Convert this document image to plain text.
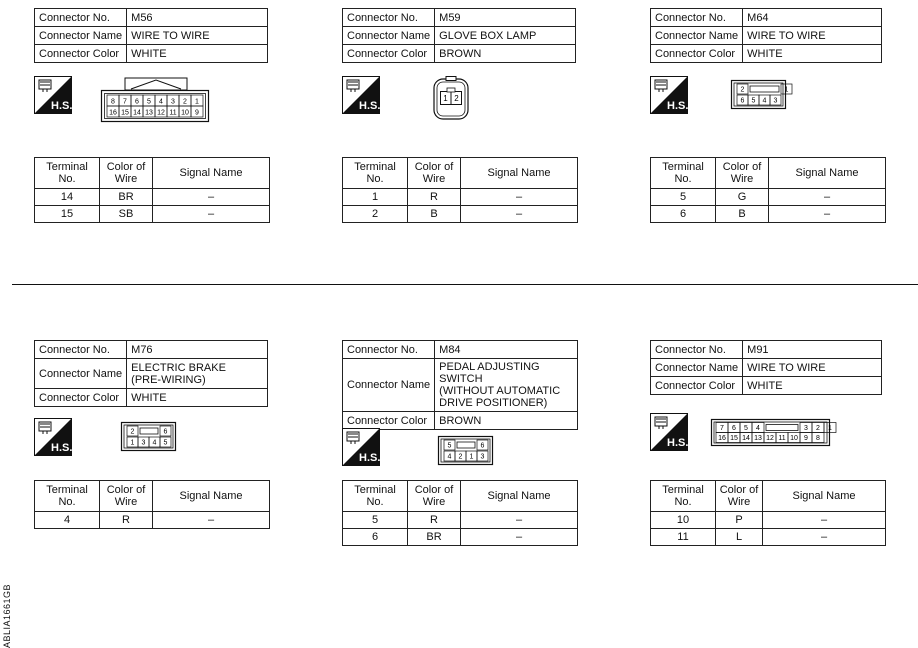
Connector No.	M56
Connector Name	WIRE TO WIRE
Connector Color	WHITE
H.S.	8 7 6 5 4 3 2 1
16 15 14 13 12 11 10 9
Terminal No.	Color of Wire	Signal Name
14	BR	–
15	SB	–
Connector No.	M59
Connector Name	GLOVE BOX LAMP
Connector Color	BROWN
H.S.
1 2
Terminal No.	Color of Wire	Signal Name
1	R	–
2	B	–
Connector No.	M64
Connector Name	WIRE TO WIRE
Connector Color	WHITE
H.S.
2	1
6 5 4 3
Terminal No.	Color of Wire	Signal Name
5	G	–
6	B	–
Connector No.	M76
Connector Name	ELECTRIC BRAKE
(PRE-WIRING)

Connector Color	WHITE
H.S.
2	6
1 3 4 5
Terminal No.	Color of Wire	Signal Name
4	R	–
Connector No.	M84
Connector Name	PEDAL ADJUSTING SWITCH
(WITHOUT AUTOMATIC
DRIVE POSITIONER)

Connector Color	BROWN
H.S.
5	6
4 2 1 3
Terminal No.	Color of Wire	Signal Name
5	R	–
6	BR	–
Connector No.	M91
Connector Name	WIRE TO WIRE
Connector Color	WHITE
H.S.
7 6 5 4	3 2 1
16 15 14 13 12 11 10 9 8
Terminal No.	Color of Wire	Signal Name
10	P	–
11	L	–
ABLIA1661GB
